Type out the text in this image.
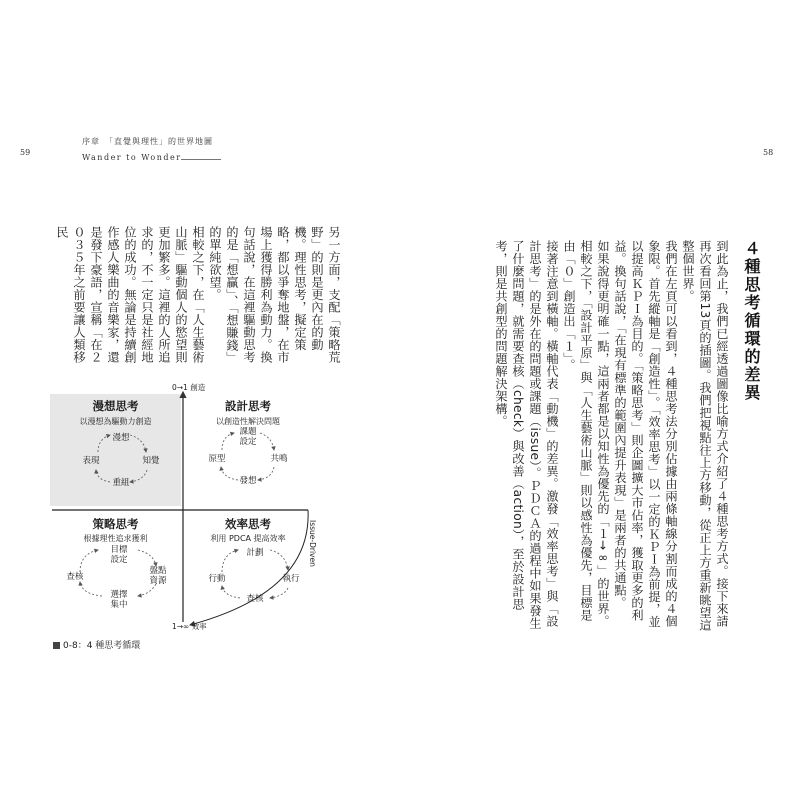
59
序章　「直覺與理性」的世界地圖
Wander to Wonder

另一方面，支配「策略荒野」的則是更內在的動機。理性思考，擬定策略，都以爭奪地盤，在市場上獲得勝利為動力。換句話說，在這裡驅動思考的是「想贏」、「想賺錢」的單純欲望。

相較之下，在「人生藝術山脈」驅動個人的慾望則更加繁多。這裡的人所追求的，不一定只是社經地位的成功。無論是持續創作感人樂曲的音樂家，還是發下豪語，宣稱「在２０３５年之前要讓人類移民

0→1 創造
1→∞ 效率
Issue-Driven
漫想思考
以漫想為驅動力創造
漫想
表現	知覺
重組
設計思考
以創造性解決問題
課題
設定
原型	共鳴
發想
策略思考
根據理性追求獲利
目標
設定
查核
盤點
資源
選擇
集中
效率思考
利用 PDCA 提高效率
計劃
行動	執行
查核
0-8：4 種思考循環
58
４種思考循環的差異

到此為止，我們已經透過圖像比喻方式介紹了４種思考方式。接下來請再次看回第13頁的插圖。我們把視點往上方移動，從正上方重新眺望這整個世界。

我們在左頁可以看到，４種思考法分別佔據由兩條軸線分割而成的４個象限。首先縱軸是「創造性」。「效率思考」以一定的ＫＰＩ為前提，並以提高ＫＰＩ為目的。「策略思考」則企圖擴大市佔率，獲取更多的利益。換句話說，「在現有標準的範圍內提升表現」是兩者的共通點。

如果說得更明確一點，這兩者都是以知性為優先的「１→∞」的世界。相較之下，「設計平原」與「人生藝術山脈」則以感性為優先，目標是由「０」創造出「１」。

接著注意到橫軸。橫軸代表「動機」的差異。激發「效率思考」與「設計思考」的是外在的問題或課題（issue）。ＰＤＣＡ的過程中如果發生了什麼問題，就需要查核（check）與改善（action），至於設計思考，則是共創型的問題解決架構。
